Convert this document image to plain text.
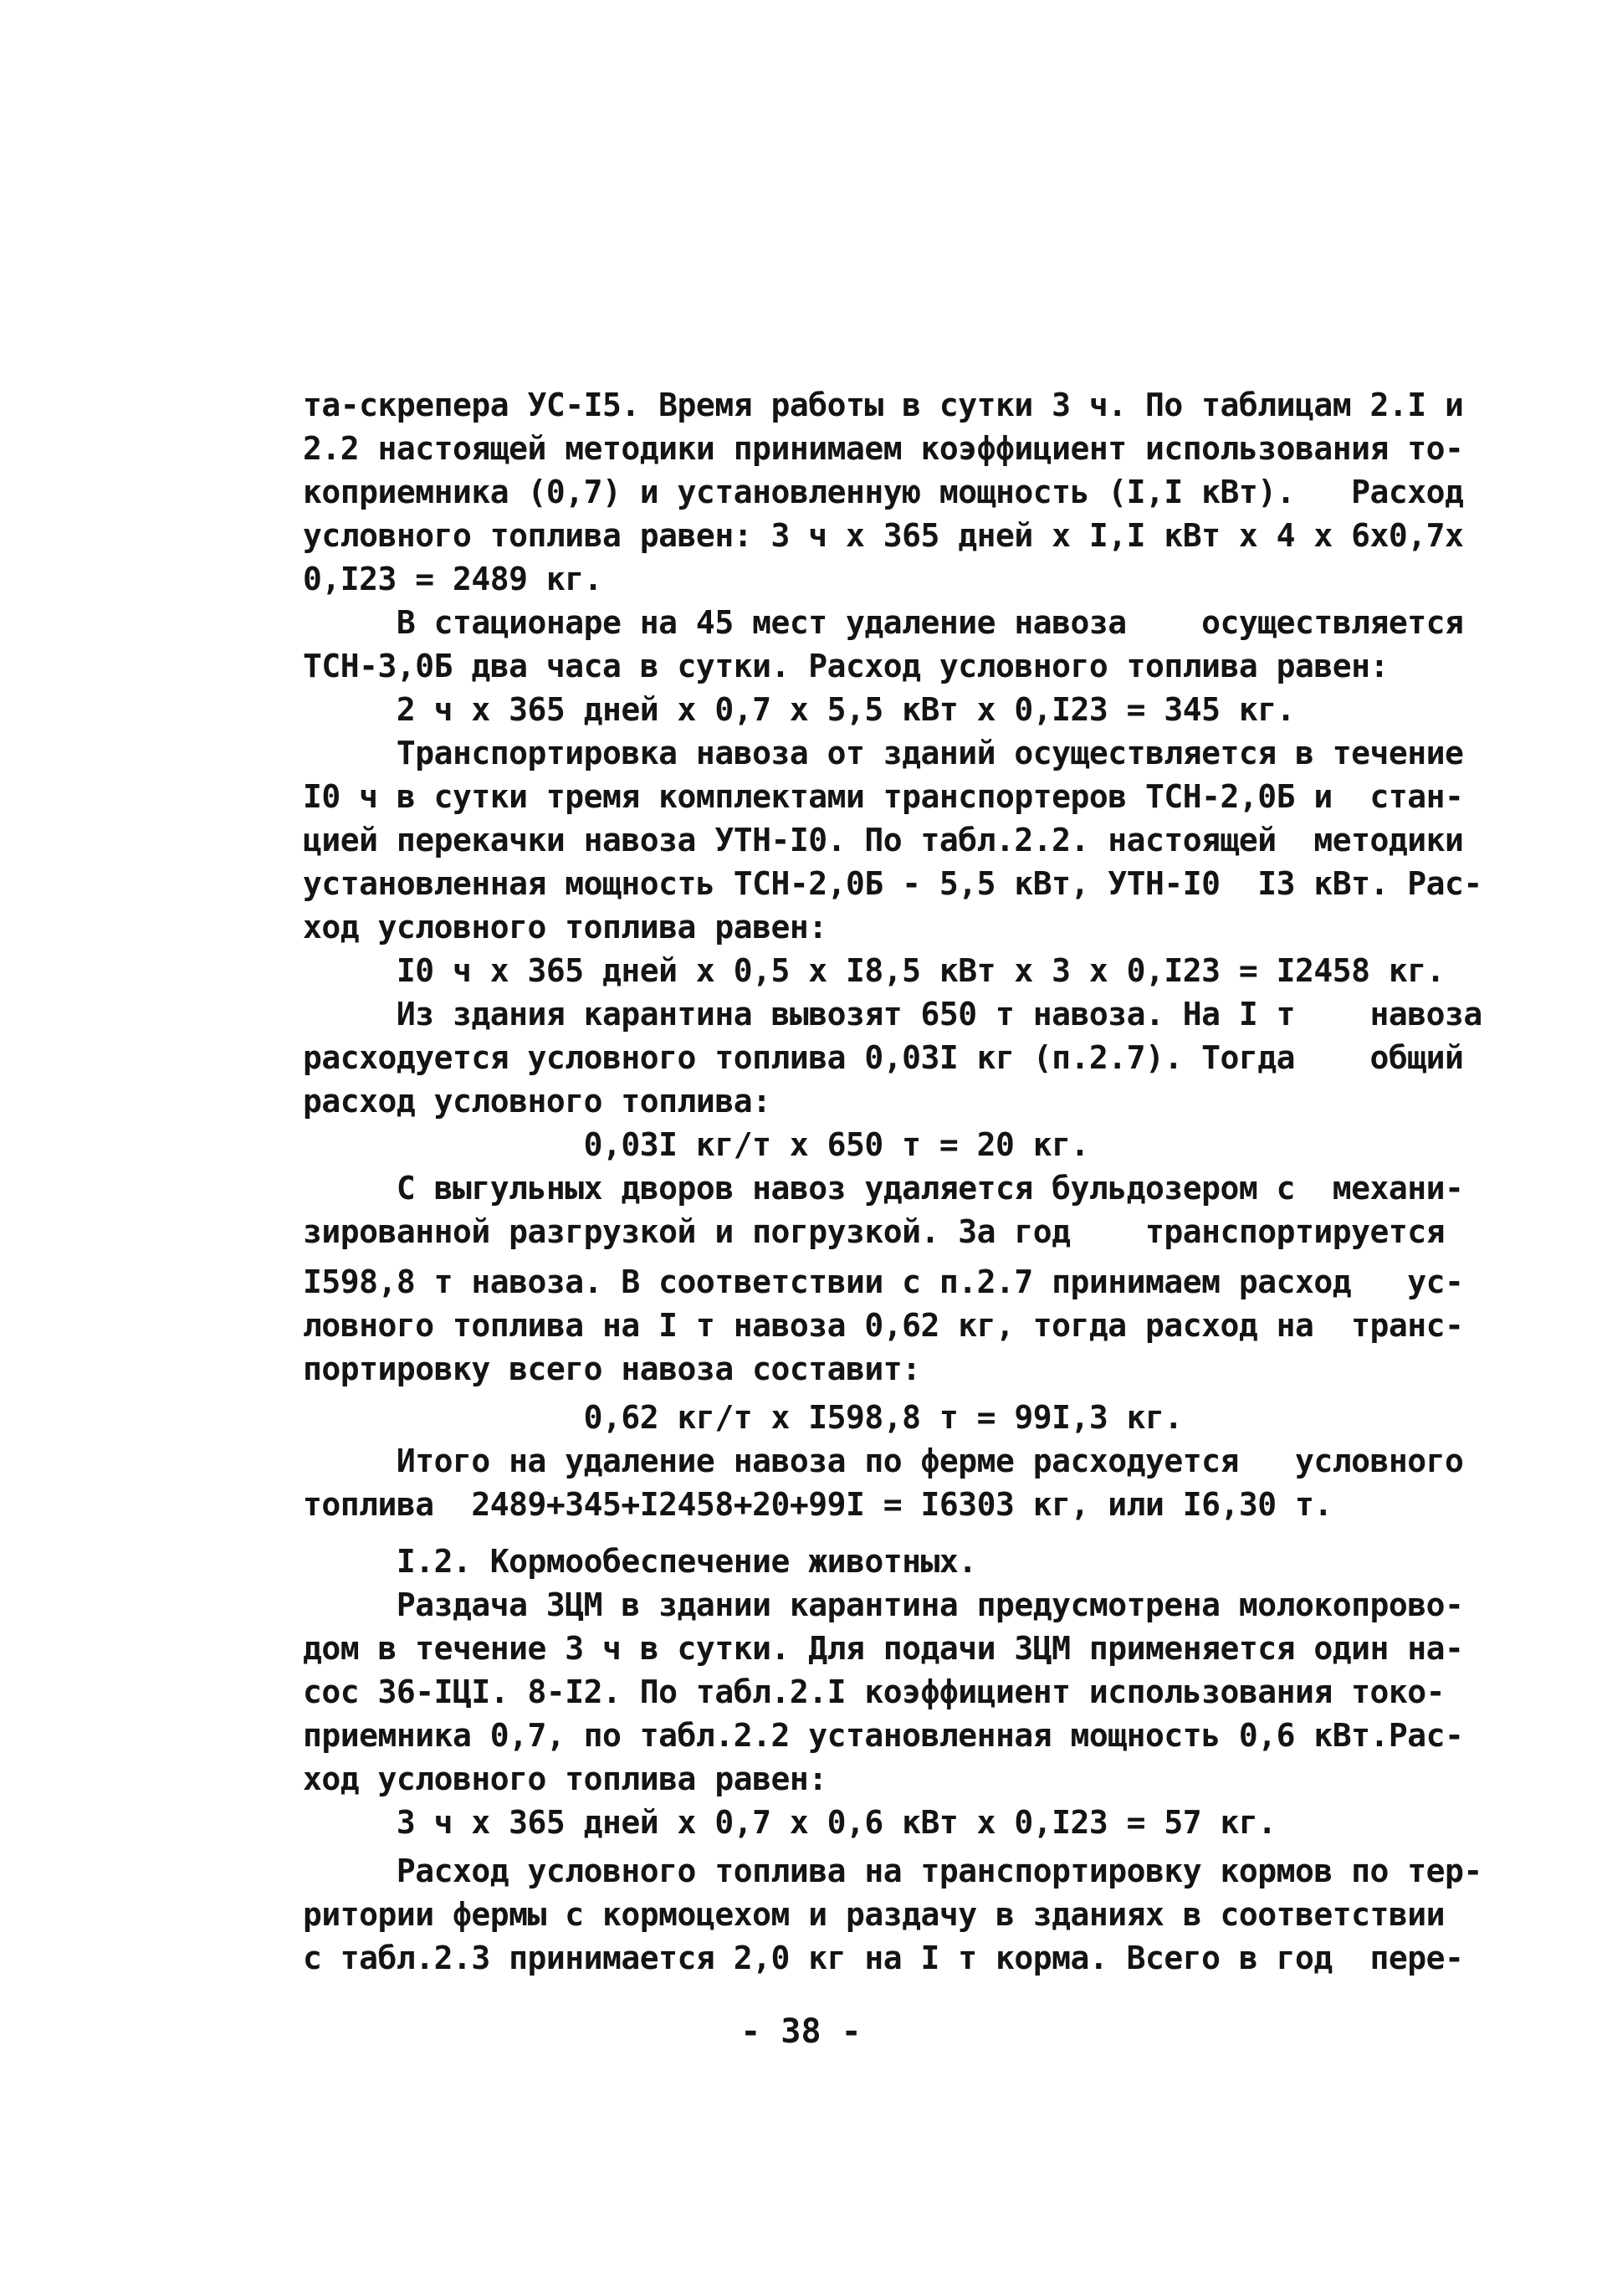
та-скрепера УС-I5. Время работы в сутки 3 ч. По таблицам 2.I и
2.2 настоящей методики принимаем коэффициент использования то-
коприемника (0,7) и установленную мощность (I,I кВт).   Расход
условного топлива равен: 3 ч х 365 дней х I,I кВт х 4 х 6х0,7х
0,I23 = 2489 кг.
В стационаре на 45 мест удаление навоза    осуществляется
ТСН-3,0Б два часа в сутки. Расход условного топлива равен:
2 ч х 365 дней х 0,7 х 5,5 кВт х 0,I23 = 345 кг.
Транспортировка навоза от зданий осуществляется в течение
I0 ч в сутки тремя комплектами транспортеров ТСН-2,0Б и  стан-
цией перекачки навоза УТН-I0. По табл.2.2. настоящей  методики
установленная мощность ТСН-2,0Б - 5,5 кВт, УТН-I0  I3 кВт. Рас-
ход условного топлива равен:
I0 ч х 365 дней х 0,5 х I8,5 кВт х 3 х 0,I23 = I2458 кг.
Из здания карантина вывозят 650 т навоза. На I т    навоза
расходуется условного топлива 0,03I кг (п.2.7). Тогда    общий
расход условного топлива:
0,03I кг/т х 650 т = 20 кг.
С выгульных дворов навоз удаляется бульдозером с  механи-
зированной разгрузкой и погрузкой. За год    транспортируется
I598,8 т навоза. В соответствии с п.2.7 принимаем расход   ус-
ловного топлива на I т навоза 0,62 кг, тогда расход на  транс-
портировку всего навоза составит:
0,62 кг/т х I598,8 т = 99I,3 кг.
Итого на удаление навоза по ферме расходуется   условного
топлива  2489+345+I2458+20+99I = I6303 кг, или I6,30 т.
I.2. Кормообеспечение животных.
Раздача ЗЦМ в здании карантина предусмотрена молокопрово-
дом в течение 3 ч в сутки. Для подачи ЗЦМ применяется один на-
сос 36-IЦI. 8-I2. По табл.2.I коэффициент использования токо-
приемника 0,7, по табл.2.2 установленная мощность 0,6 кВт.Рас-
ход условного топлива равен:
3 ч х 365 дней х 0,7 х 0,6 кВт х 0,I23 = 57 кг.
Расход условного топлива на транспортировку кормов по тер-
ритории фермы с кормоцехом и раздачу в зданиях в соответствии
с табл.2.3 принимается 2,0 кг на I т корма. Всего в год  пере-
- 38 -
